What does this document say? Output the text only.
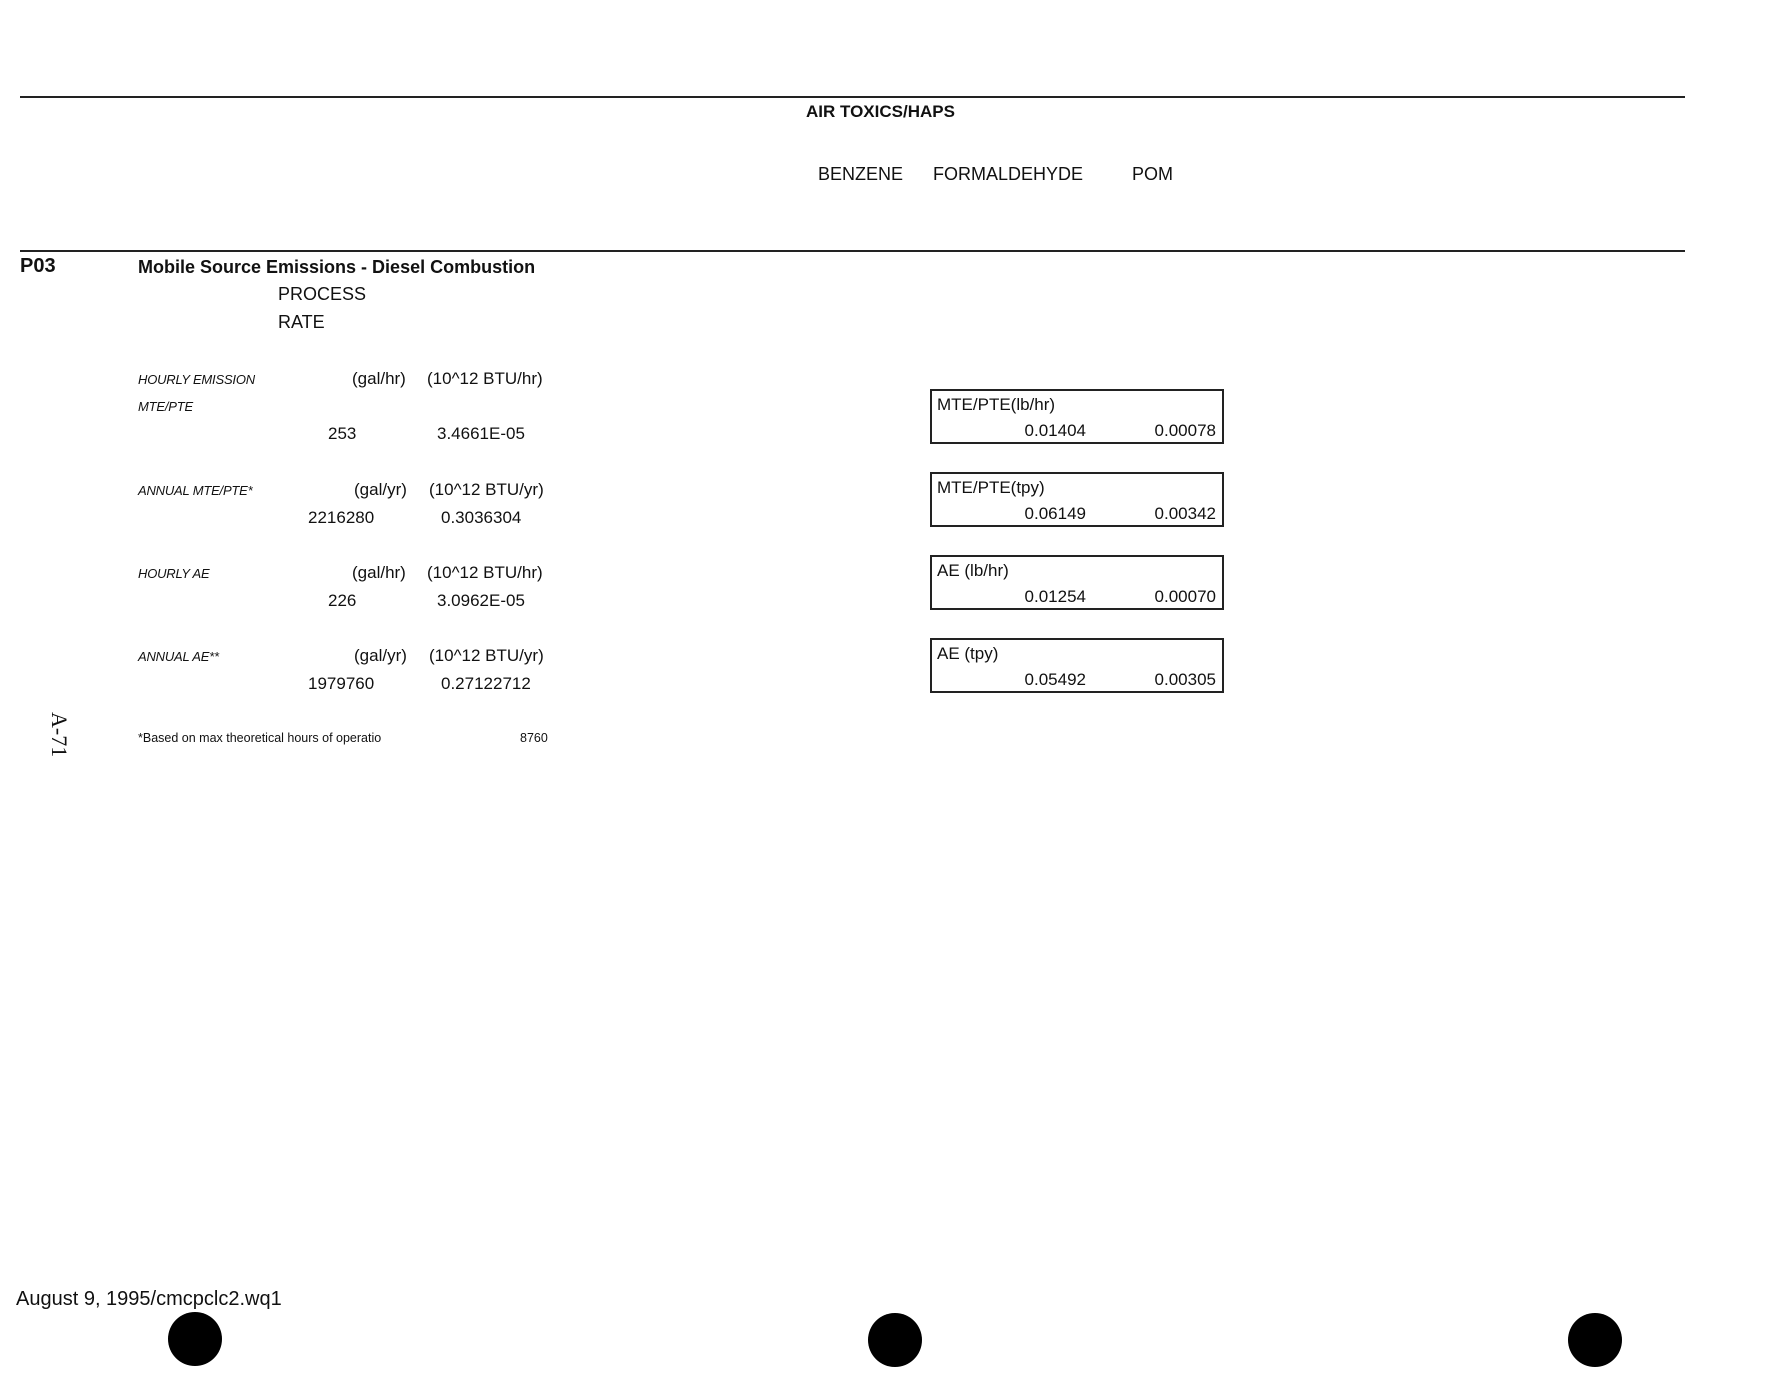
AIR TOXICS/HAPS
BENZENE FORMALDEHYDE	POM
P03	Mobile Source Emissions - Diesel Combustion
PROCESS
RATE
HOURLY EMISSION
MTE/PTE
(gal/hr) (10^12 BTU/hr)
253	3.4661E-05
ANNUAL MTE/PTE*	(gal/yr) (10^12 BTU/yr)
2216280	0.3036304
HOURLY AE	(gal/hr) (10^12 BTU/hr)
226	3.0962E-05
ANNUAL AE**	(gal/yr) (10^12 BTU/yr)
1979760	0.27122712
MTE/PTE(lb/hr)
0.01404	0.00078
MTE/PTE(tpy)
0.06149	0.00342
AE (lb/hr)
0.01254	0.00070
AE (tpy)
0.05492	0.00305
*Based on max theoretical hours of operatio	8760
A-71
August 9, 1995/cmcpclc2.wq1
